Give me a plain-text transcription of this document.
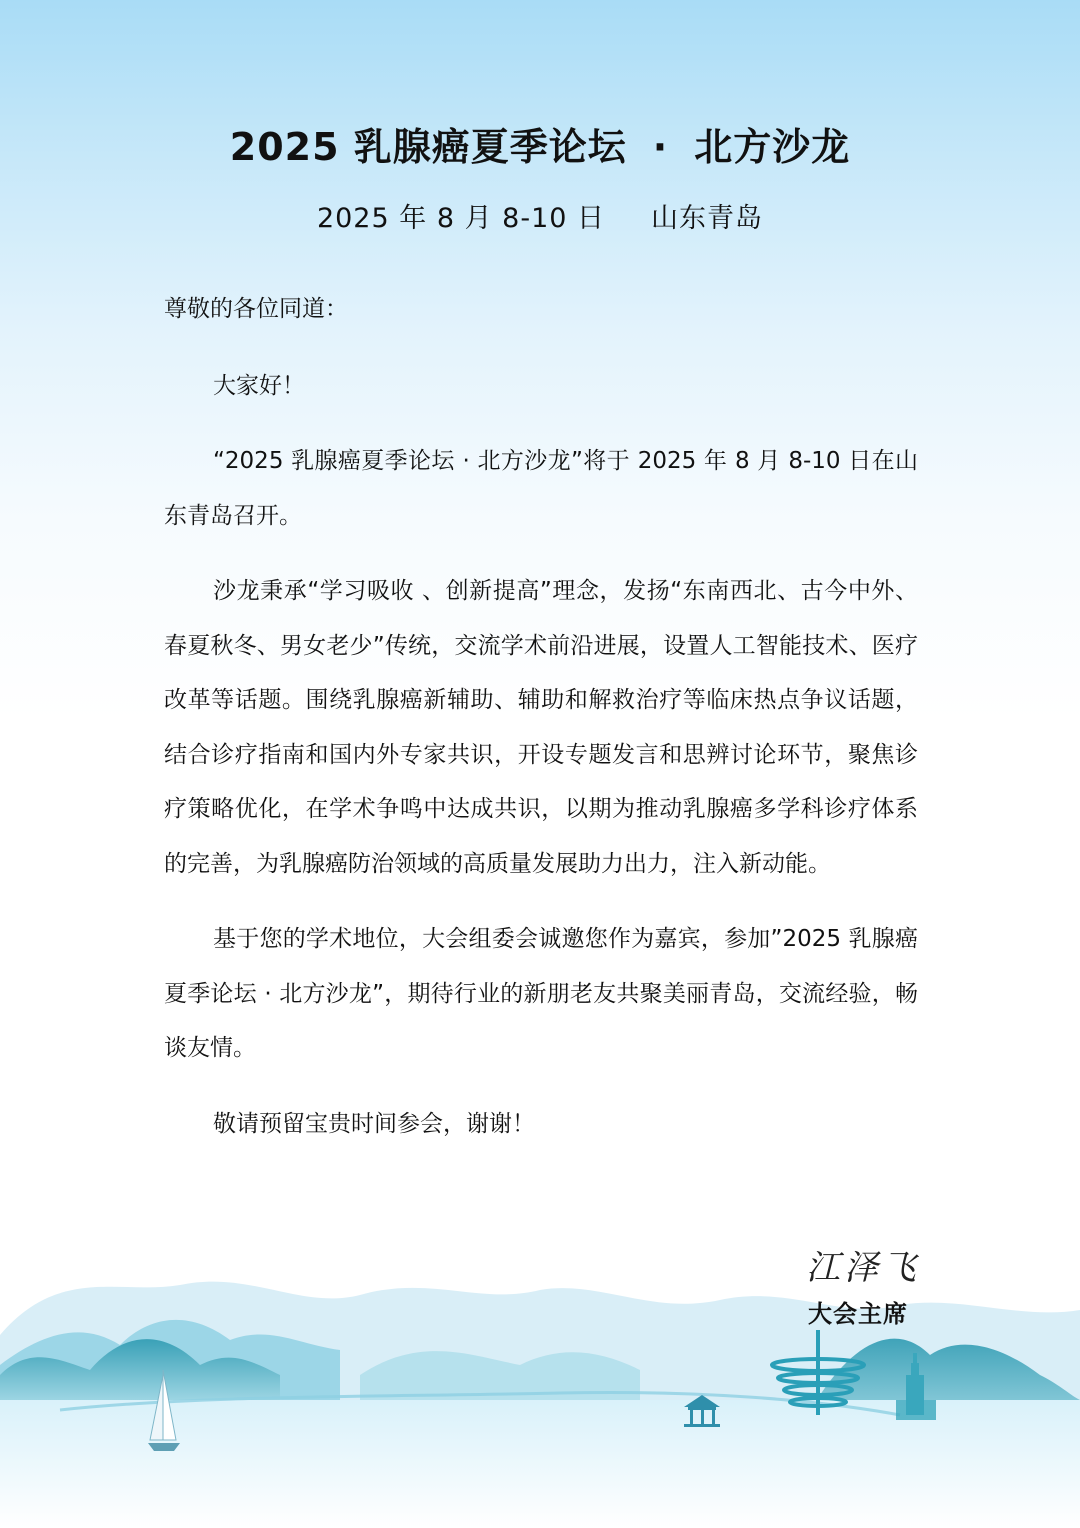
2025 乳腺癌夏季论坛 · 北方沙龙
2025 年 8 月 8-10 日 山东青岛

尊敬的各位同道：

大家好！

“2025 乳腺癌夏季论坛 · 北方沙龙”将于 2025 年 8 月 8-10 日在山东青岛召开。

沙龙秉承“学习吸收 、创新提高”理念，发扬“东南西北、古今中外、春夏秋冬、男女老少”传统，交流学术前沿进展，设置人工智能技术、医疗改革等话题。围绕乳腺癌新辅助、辅助和解救治疗等临床热点争议话题，结合诊疗指南和国内外专家共识，开设专题发言和思辨讨论环节，聚焦诊疗策略优化，在学术争鸣中达成共识，以期为推动乳腺癌多学科诊疗体系的完善，为乳腺癌防治领域的高质量发展助力出力，注入新动能。

基于您的学术地位，大会组委会诚邀您作为嘉宾，参加”2025 乳腺癌夏季论坛 · 北方沙龙”，期待行业的新朋老友共聚美丽青岛，交流经验，畅谈友情。

敬请预留宝贵时间参会，谢谢！

江泽飞
大会主席
